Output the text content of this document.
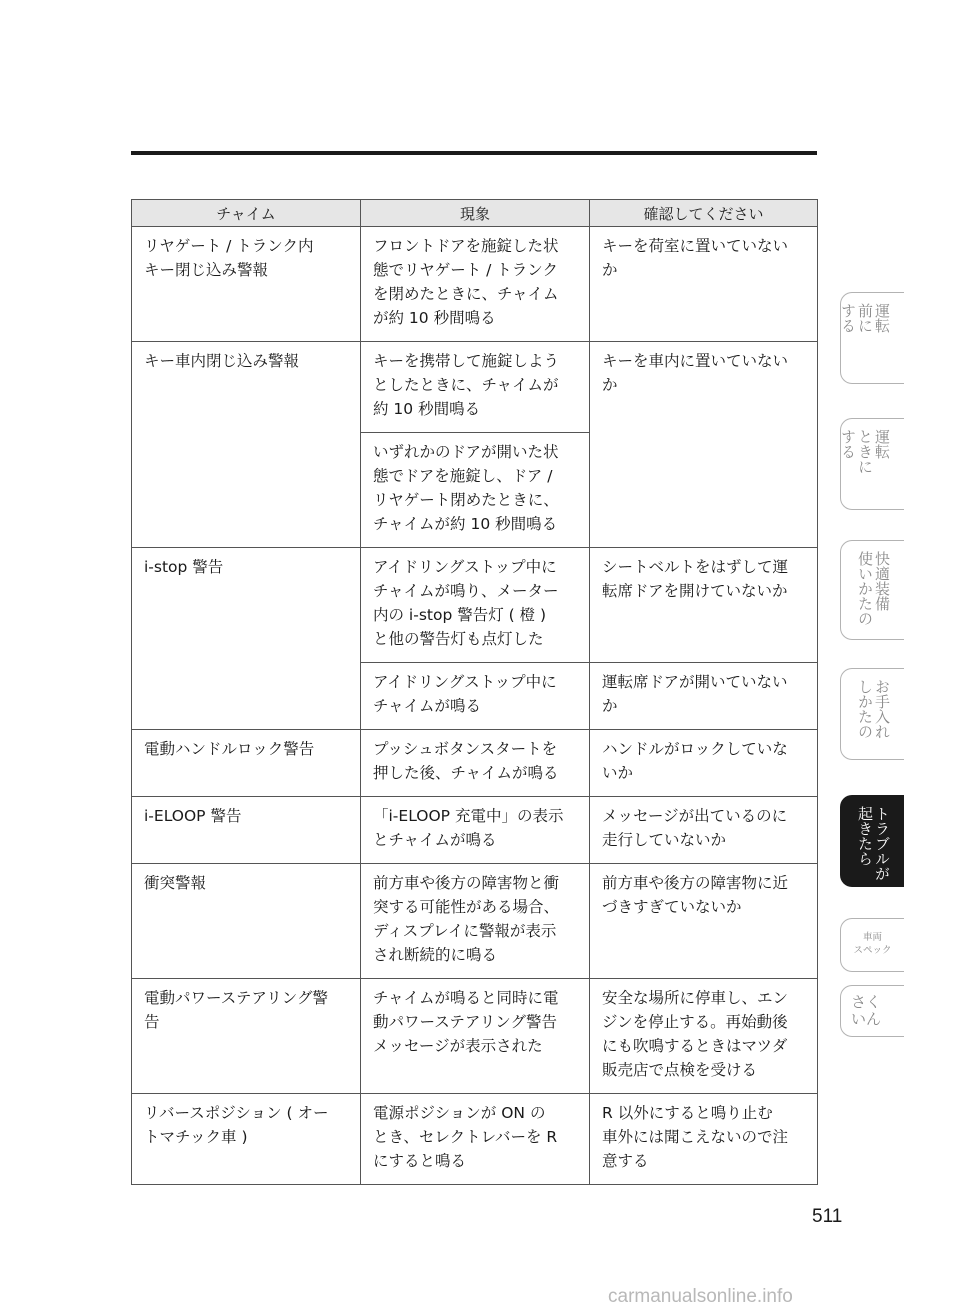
チャイム	現象	確認してください
リヤゲート / トランク内
キー閉じ込み警報	フロントドアを施錠した状
態でリヤゲート / トランク
を閉めたときに、チャイム
が約 10 秒間鳴る	キーを荷室に置いていない
か
キー車内閉じ込み警報	キーを携帯して施錠しよう
としたときに、チャイムが
約 10 秒間鳴る	キーを車内に置いていない
か
	いずれかのドアが開いた状
態でドアを施錠し、ドア /
リヤゲート閉めたときに、
チャイムが約 10 秒間鳴る	
i-stop 警告	アイドリングストップ中に
チャイムが鳴り、メーター
内の i-stop 警告灯 ( 橙 )
と他の警告灯も点灯した	シートベルトをはずして運
転席ドアを開けていないか
	アイドリングストップ中に
チャイムが鳴る	運転席ドアが開いていない
か
電動ハンドルロック警告	プッシュボタンスタートを
押した後、チャイムが鳴る	ハンドルがロックしていな
いか
i-ELOOP 警告	「i-ELOOP 充電中」の表示
とチャイムが鳴る	メッセージが出ているのに
走行していないか
衝突警報	前方車や後方の障害物と衝
突する可能性がある場合、
ディスプレイに警報が表示
され断続的に鳴る	前方車や後方の障害物に近
づきすぎていないか
電動パワーステアリング警
告	チャイムが鳴ると同時に電
動パワーステアリング警告
メッセージが表示された	安全な場所に停車し、エン
ジンを停止する。再始動後
にも吹鳴するときはマツダ
販売店で点検を受ける
リバースポジション ( オー
トマチック車 )	電源ポジションが ON の
とき、セレクトレバーを R
にすると鳴る	R 以外にすると鳴り止む
車外には聞こえないので注
意する
運転
前に
する
運転
ときに
する
快適装備
使いかたの
お手入れ
しかたの
トラブルが
起きたら
車両
スペック
さく
いん
511
carmanualsonline.info
